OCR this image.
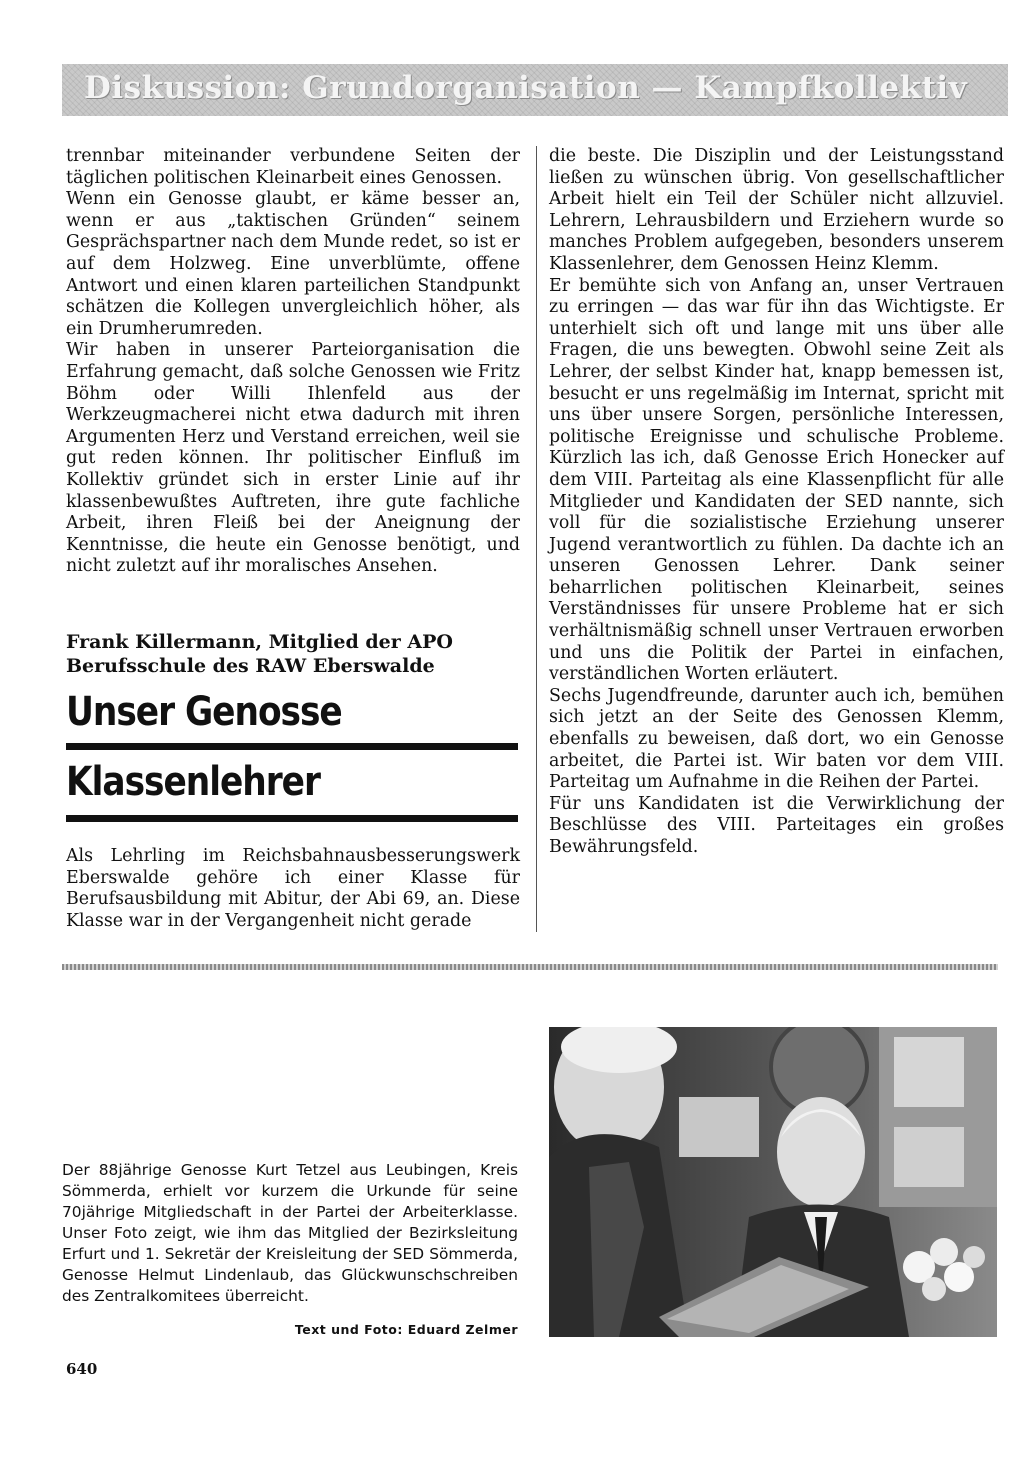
Diskussion: Grundorganisation — Kampfkollektiv

trennbar miteinander verbundene Seiten der täglichen politischen Kleinarbeit eines Genossen.

Wenn ein Genosse glaubt, er käme besser an, wenn er aus „taktischen Gründen“ seinem Gesprächspartner nach dem Munde redet, so ist er auf dem Holzweg. Eine unverblümte, offene Antwort und einen klaren parteilichen Standpunkt schätzen die Kollegen unvergleichlich höher, als ein Drumherumreden.

Wir haben in unserer Parteiorganisation die Erfahrung gemacht, daß solche Genossen wie Fritz Böhm oder Willi Ihlenfeld aus der Werkzeugmacherei nicht etwa dadurch mit ihren Argumenten Herz und Verstand erreichen, weil sie gut reden können. Ihr politischer Einfluß im Kollektiv gründet sich in erster Linie auf ihr klassenbewußtes Auftreten, ihre gute fachliche Arbeit, ihren Fleiß bei der Aneignung der Kenntnisse, die heute ein Genosse benötigt, und nicht zuletzt auf ihr moralisches Ansehen.

Frank Killermann, Mitglied der APO
Berufsschule des RAW Eberswalde
Unser Genosse
Klassenlehrer

Als Lehrling im Reichsbahnausbesserungswerk Eberswalde gehöre ich einer Klasse für Berufsausbildung mit Abitur, der Abi 69, an. Diese Klasse war in der Vergangenheit nicht gerade

die beste. Die Disziplin und der Leistungsstand ließen zu wünschen übrig. Von gesellschaftlicher Arbeit hielt ein Teil der Schüler nicht allzuviel. Lehrern, Lehrausbildern und Erziehern wurde so manches Problem aufgegeben, besonders unserem Klassenlehrer, dem Genossen Heinz Klemm.

Er bemühte sich von Anfang an, unser Vertrauen zu erringen — das war für ihn das Wichtigste. Er unterhielt sich oft und lange mit uns über alle Fragen, die uns bewegten. Obwohl seine Zeit als Lehrer, der selbst Kinder hat, knapp bemessen ist, besucht er uns regelmäßig im Internat, spricht mit uns über unsere Sorgen, persönliche Interessen, politische Ereignisse und schulische Probleme. Kürzlich las ich, daß Genosse Erich Honecker auf dem VIII. Parteitag als eine Klassenpflicht für alle Mitglieder und Kandidaten der SED nannte, sich voll für die sozialistische Erziehung unserer Jugend verantwortlich zu fühlen. Da dachte ich an unseren Genossen Lehrer. Dank seiner beharrlichen politischen Kleinarbeit, seines Verständnisses für unsere Probleme hat er sich verhältnismäßig schnell unser Vertrauen erworben und uns die Politik der Partei in einfachen, verständlichen Worten erläutert.

Sechs Jugendfreunde, darunter auch ich, bemühen sich jetzt an der Seite des Genossen Klemm, ebenfalls zu beweisen, daß dort, wo ein Genosse arbeitet, die Partei ist. Wir baten vor dem VIII. Parteitag um Aufnahme in die Reihen der Partei.

Für uns Kandidaten ist die Verwirklichung der Beschlüsse des VIII. Parteitages ein großes Bewährungsfeld.

Der 88jährige Genosse Kurt Tetzel aus Leubingen, Kreis Sömmerda, erhielt vor kurzem die Urkunde für seine 70jährige Mitgliedschaft in der Partei der Arbeiterklasse. Unser Foto zeigt, wie ihm das Mitglied der Bezirksleitung Erfurt und 1. Sekretär der Kreisleitung der SED Sömmerda, Genosse Helmut Lindenlaub, das Glückwunschschreiben des Zentralkomitees überreicht.
Text und Foto: Eduard Zelmer
640
